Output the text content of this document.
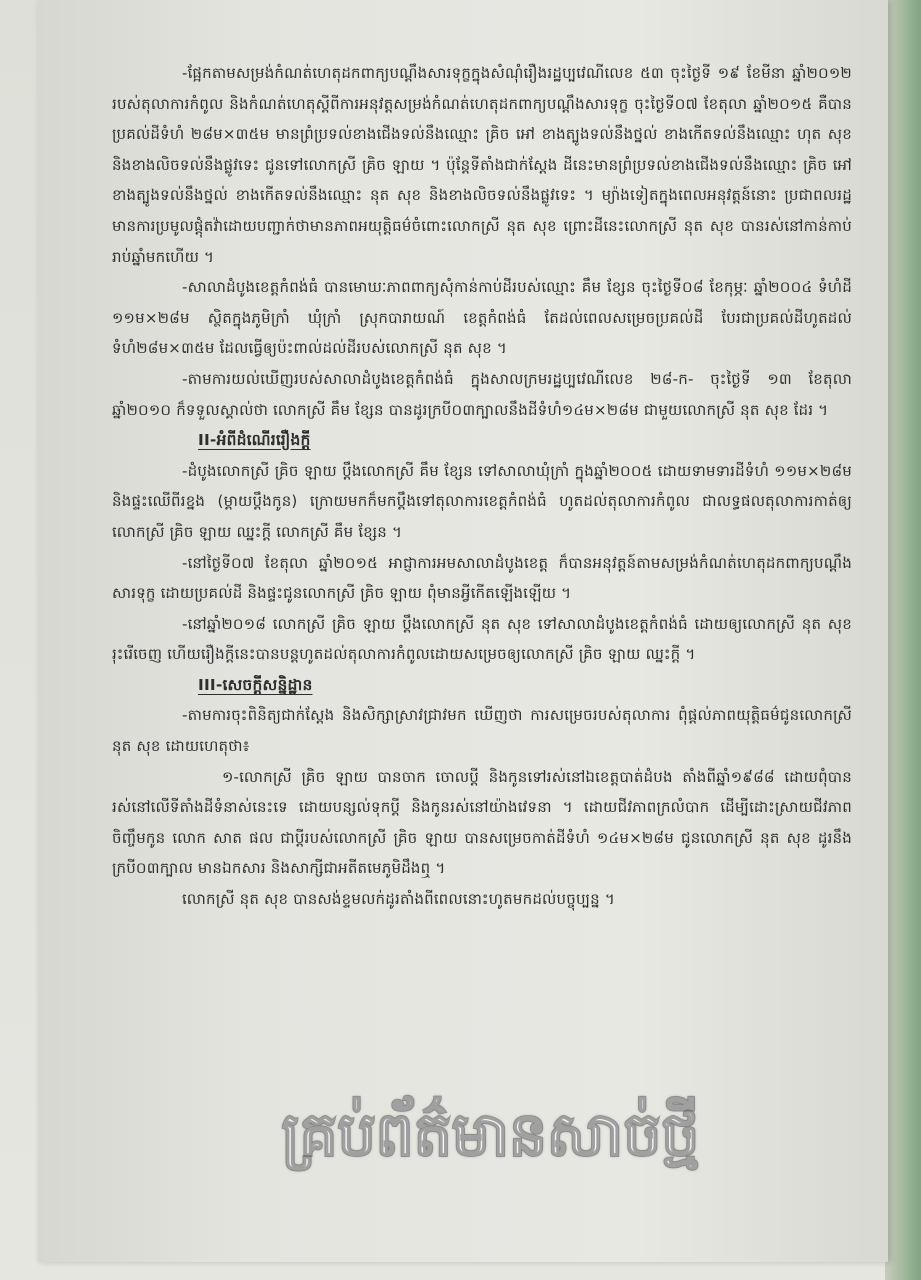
-ផ្អែកតាមសម្រង់កំណត់ហេតុដកពាក្យបណ្ដឹងសារទុក្ខក្នុងសំណុំរឿងរដ្ឋប្បវេណីលេខ ៥៣ ចុះថ្ងៃទី ១៩ ខែមីនា ឆ្នាំ២០១២ របស់តុលាការកំពូល និងកំណត់ហេតុស្ដីពីការអនុវត្តសម្រង់កំណត់ហេតុដកពាក្យបណ្ដឹងសារទុក្ខ ចុះថ្ងៃទី០៧ ខែតុលា ឆ្នាំ២០១៥ គឺបានប្រគល់ដីទំហំ ២៨ម×៣៥ម មានព្រំប្រទល់ខាងជើងទល់នឹងឈ្មោះ គ្រិច អៅ ខាងត្បូងទល់នឹងថ្នល់ ខាងកើតទល់នឹងឈ្មោះ ហុត សុខ និងខាងលិចទល់នឹងផ្លូវទេះ ជូនទៅលោកស្រី គ្រិច ឡាយ ។ ប៉ុន្តែទីតាំងជាក់ស្ដែង ដីនេះមានព្រំប្រទល់ខាងជើងទល់នឹងឈ្មោះ គ្រិច អៅ ខាងត្បូងទល់នឹងថ្នល់ ខាងកើតទល់នឹងឈ្មោះ នុត សុខ និងខាងលិចទល់នឹងផ្លូវទេះ ។ ម្យ៉ាងទៀតក្នុងពេលអនុវត្តន៍នោះ ប្រជាពលរដ្ឋមានការប្រមូលផ្ដុំតវ៉ាដោយបញ្ជាក់ថាមានភាពអយុត្តិធម៌ចំពោះលោកស្រី នុត សុខ ព្រោះដីនេះលោកស្រី នុត សុខ បានរស់នៅកាន់កាប់រាប់ឆ្នាំមកហើយ ។

-សាលាដំបូងខេត្តកំពង់ធំ បានមោឃៈភាពពាក្យសុំកាន់កាប់ដីរបស់ឈ្មោះ គឹម ខ្សែន ចុះថ្ងៃទី០៨ ខែកុម្ភៈ ឆ្នាំ២០០៤ ទំហំដី ១១ម×២៨ម ស្ថិតក្នុងភូមិក្រាំ ឃុំក្រាំ ស្រុកបារាយណ៍ ខេត្តកំពង់ធំ តែដល់ពេលសម្រេចប្រគល់ដី បែរជាប្រគល់ដីហូតដល់ទំហំ២៨ម×៣៥ម ដែលធ្វើឲ្យប៉ះពាល់ដល់ដីរបស់លោកស្រី នុត សុខ ។

-តាមការយល់ឃើញរបស់សាលាដំបូងខេត្តកំពង់ធំ ក្នុងសាលក្រមរដ្ឋប្បវេណីលេខ ២៨-ក- ចុះថ្ងៃទី ១៣ ខែតុលា ឆ្នាំ២០១០ ក៏ទទួលស្គាល់ថា លោកស្រី គឹម ខ្សែន បានដូរក្របី០៣ក្បាលនឹងដីទំហំ១៤ម×២៨ម ជាមួយលោកស្រី នុត សុខ ដែរ ។

II-អំពីដំណើររឿងក្ដី

-ដំបូងលោកស្រី គ្រិច ឡាយ ប្ដឹងលោកស្រី គឹម ខ្សែន ទៅសាលាឃុំក្រាំ ក្នុងឆ្នាំ២០០៥ ដោយទាមទារដីទំហំ ១១ម×២៨ម និងផ្ទះឈើពីរខ្នង (ម្ដាយប្ដឹងកូន) ក្រោយមកក៏មកប្ដឹងទៅតុលាការខេត្តកំពង់ធំ ហូតដល់តុលាការកំពូល ជាលទ្ធផលតុលាការកាត់ឲ្យលោកស្រី គ្រិច ឡាយ ឈ្នះក្ដី លោកស្រី គឹម ខ្សែន ។

-នៅថ្ងៃទី០៧ ខែតុលា ឆ្នាំ២០១៥ អាជ្ញាការអមសាលាដំបូងខេត្ត ក៏បានអនុវត្តន៍តាមសម្រង់កំណត់ហេតុដកពាក្យបណ្ដឹងសារទុក្ខ ដោយប្រគល់ដី និងផ្ទះជូនលោកស្រី គ្រិច ឡាយ ពុំមានអ្វីកើតឡើងឡើយ ។

-នៅឆ្នាំ២០១៨ លោកស្រី គ្រិច ឡាយ ប្ដឹងលោកស្រី នុត សុខ ទៅសាលាដំបូងខេត្តកំពង់ធំ ដោយឲ្យលោកស្រី នុត សុខ រុះរើចេញ ហើយរឿងក្ដីនេះបានបន្តហូតដល់តុលាការកំពូលដោយសម្រេចឲ្យលោកស្រី គ្រិច ឡាយ ឈ្នះក្ដី ។

III-សេចក្ដីសន្និដ្ឋាន

-តាមការចុះពិនិត្យជាក់ស្ដែង និងសិក្សាស្រាវជ្រាវមក ឃើញថា ការសម្រេចរបស់តុលាការ ពុំផ្ដល់ភាពយុត្តិធម៌ជូនលោកស្រី នុត សុខ ដោយហេតុថា៖

១-លោកស្រី គ្រិច ឡាយ បានចាក ចោលប្ដី និងកូនទៅរស់នៅឯខេត្តបាត់ដំបង តាំងពីឆ្នាំ១៩៨៨ ដោយពុំបានរស់នៅលើទីតាំងដីទំនាស់នេះទេ ដោយបន្សល់ទុកប្ដី និងកូនរស់នៅយ៉ាងវេទនា ។ ដោយជីវភាពក្រលំបាក ដើម្បីដោះស្រាយជីវភាពចិញ្ចឹមកូន លោក សាត ផល ជាប្ដីរបស់លោកស្រី គ្រិច ឡាយ បានសម្រេចកាត់ដីទំហំ ១៤ម×២៨ម ជូនលោកស្រី នុត សុខ ដូរនឹងក្របី០៣ក្បាល មានឯកសារ និងសាក្សីជាអតីតមេភូមិដឹងឮ ។

លោកស្រី នុត សុខ បានសង់ខ្ទមលក់ដូរតាំងពីពេលនោះហូតមកដល់បច្ចុប្បន្ន ។

គ្រប់ព័ត៌មានសាច់ថ្មី
